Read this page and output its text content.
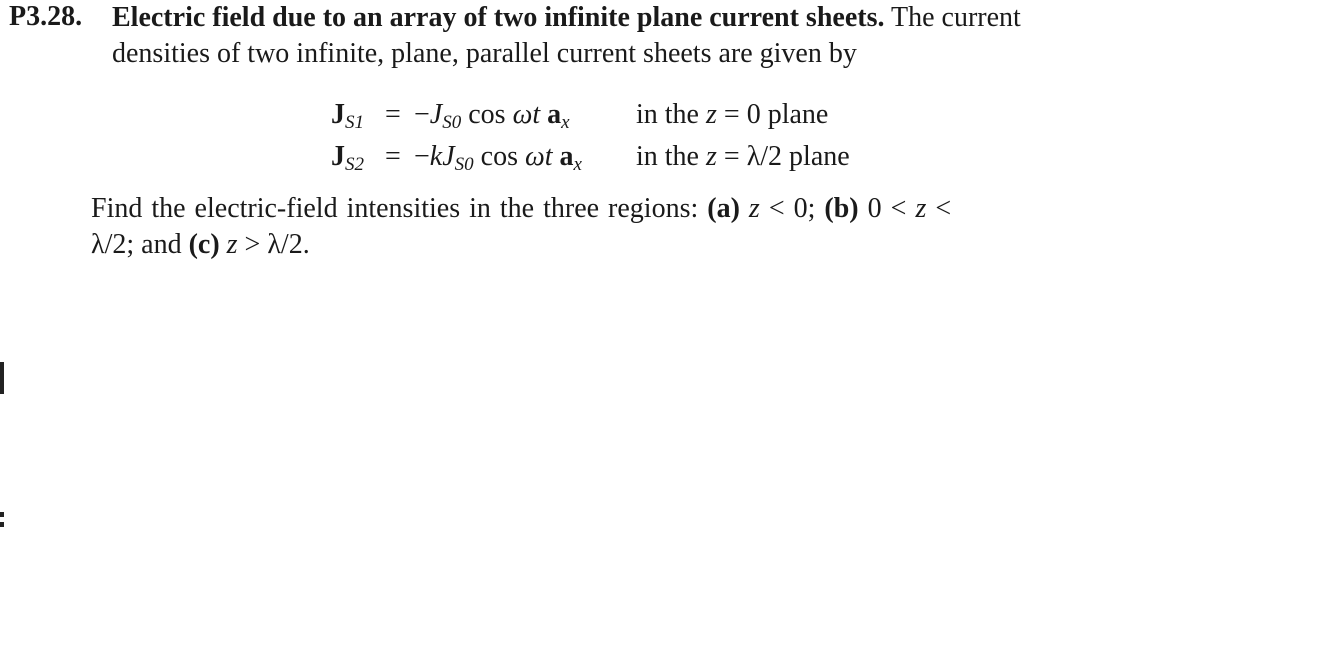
P3.28. Electric field due to an array of two infinite plane current sheets. The current
densities of two infinite, plane, parallel current sheets are given by
$J_{S1} = -J_{S0}$ cos ωt $a_x$ in the z = 0 plane
$J_{S2} = -kJ_{S0}$ cos ωt $a_x$ in the z = λ/2 plane
Find the electric-field intensities in the three regions: (a) z < 0; (b) 0 < z <
λ/2; and (c) z > λ/2.
